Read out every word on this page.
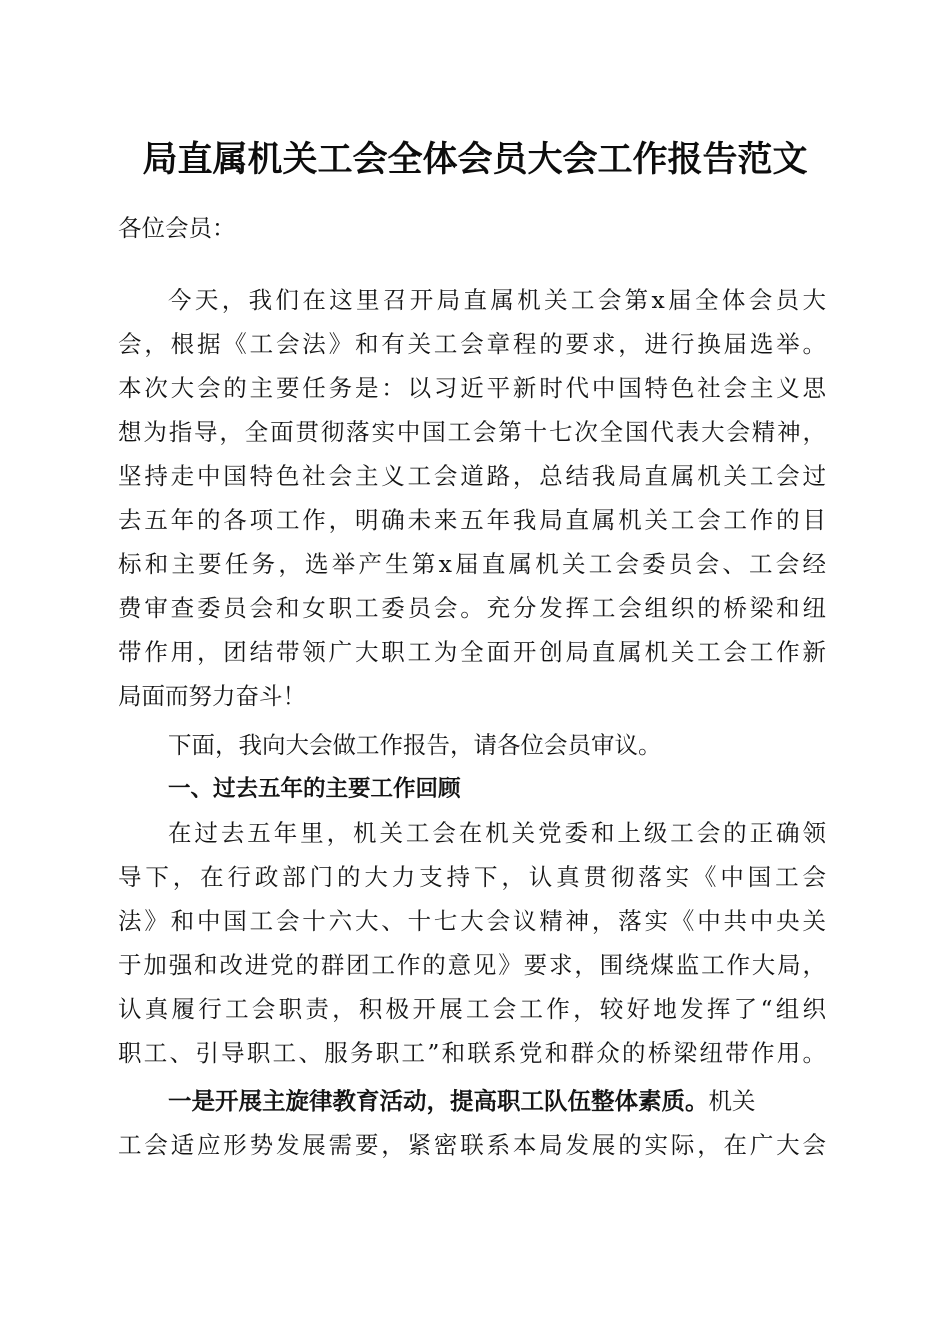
局直属机关工会全体会员大会工作报告范文
各位会员：
今天，我们在这里召开局直属机关工会第x届全体会员大
会，根据《工会法》和有关工会章程的要求，进行换届选举。
本次大会的主要任务是：以习近平新时代中国特色社会主义思
想为指导，全面贯彻落实中国工会第十七次全国代表大会精神，
坚持走中国特色社会主义工会道路，总结我局直属机关工会过
去五年的各项工作，明确未来五年我局直属机关工会工作的目
标和主要任务，选举产生第x届直属机关工会委员会、工会经
费审查委员会和女职工委员会。充分发挥工会组织的桥梁和纽
带作用，团结带领广大职工为全面开创局直属机关工会工作新
局面而努力奋斗！
下面，我向大会做工作报告，请各位会员审议。
一、过去五年的主要工作回顾
在过去五年里，机关工会在机关党委和上级工会的正确领
导下，在行政部门的大力支持下，认真贯彻落实《中国工会
法》和中国工会十六大、十七大会议精神，落实《中共中央关
于加强和改进党的群团工作的意见》要求，围绕煤监工作大局，
认真履行工会职责，积极开展工会工作，较好地发挥了“组织
职工、引导职工、服务职工”和联系党和群众的桥梁纽带作用。
一是开展主旋律教育活动，提高职工队伍整体素质。机关
工会适应形势发展需要，紧密联系本局发展的实际，在广大会
